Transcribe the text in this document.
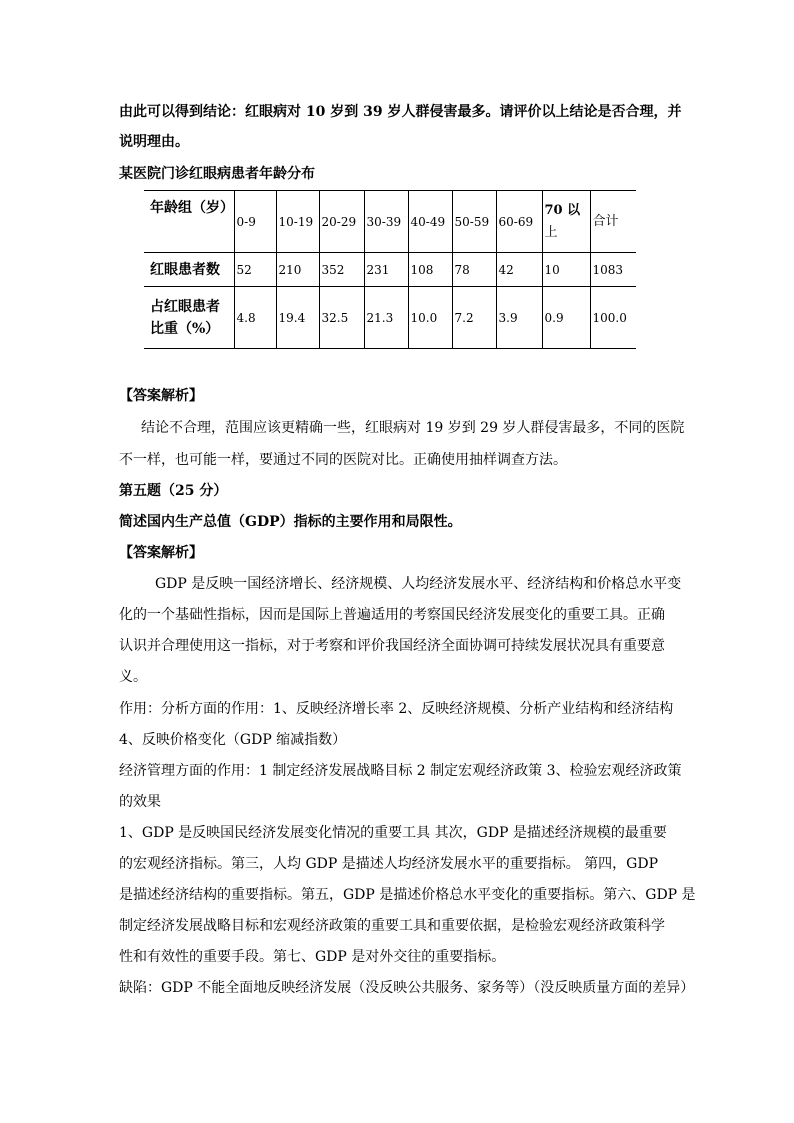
由此可以得到结论：红眼病对 10 岁到 39 岁人群侵害最多。请评价以上结论是否合理，并
说明理由。
某医院门诊红眼病患者年龄分布
年龄组（岁）	0-9	10-19	20-29	30-39	40-49	50-59	60-69	70 以
上	合计
红眼患者数	52	210	352	231	108	78	42	10	1083

占红眼患者
比重（%）	4.8	19.4	32.5	21.3	10.0	7.2	3.9	0.9	100.0
【答案解析】
结论不合理，范围应该更精确一些，红眼病对 19 岁到 29 岁人群侵害最多，不同的医院
不一样，也可能一样，要通过不同的医院对比。正确使用抽样调查方法。
第五题（25 分）
简述国内生产总值（GDP）指标的主要作用和局限性。
【答案解析】
GDP 是反映一国经济增长、经济规模、人均经济发展水平、经济结构和价格总水平变
化的一个基础性指标，因而是国际上普遍适用的考察国民经济发展变化的重要工具。正确
认识并合理使用这一指标，对于考察和评价我国经济全面协调可持续发展状况具有重要意
义。
作用：分析方面的作用：1、反映经济增长率 2、反映经济规模、分析产业结构和经济结构
4、反映价格变化（GDP 缩减指数）
经济管理方面的作用：1 制定经济发展战略目标 2 制定宏观经济政策 3、检验宏观经济政策
的效果
1、GDP 是反映国民经济发展变化情况的重要工具 其次，GDP 是描述经济规模的最重要
的宏观经济指标。第三，人均 GDP 是描述人均经济发展水平的重要指标。 第四，GDP
是描述经济结构的重要指标。第五，GDP 是描述价格总水平变化的重要指标。第六、GDP 是
制定经济发展战略目标和宏观经济政策的重要工具和重要依据，是检验宏观经济政策科学
性和有效性的重要手段。第七、GDP 是对外交往的重要指标。
缺陷：GDP 不能全面地反映经济发展（没反映公共服务、家务等）（没反映质量方面的差异）
